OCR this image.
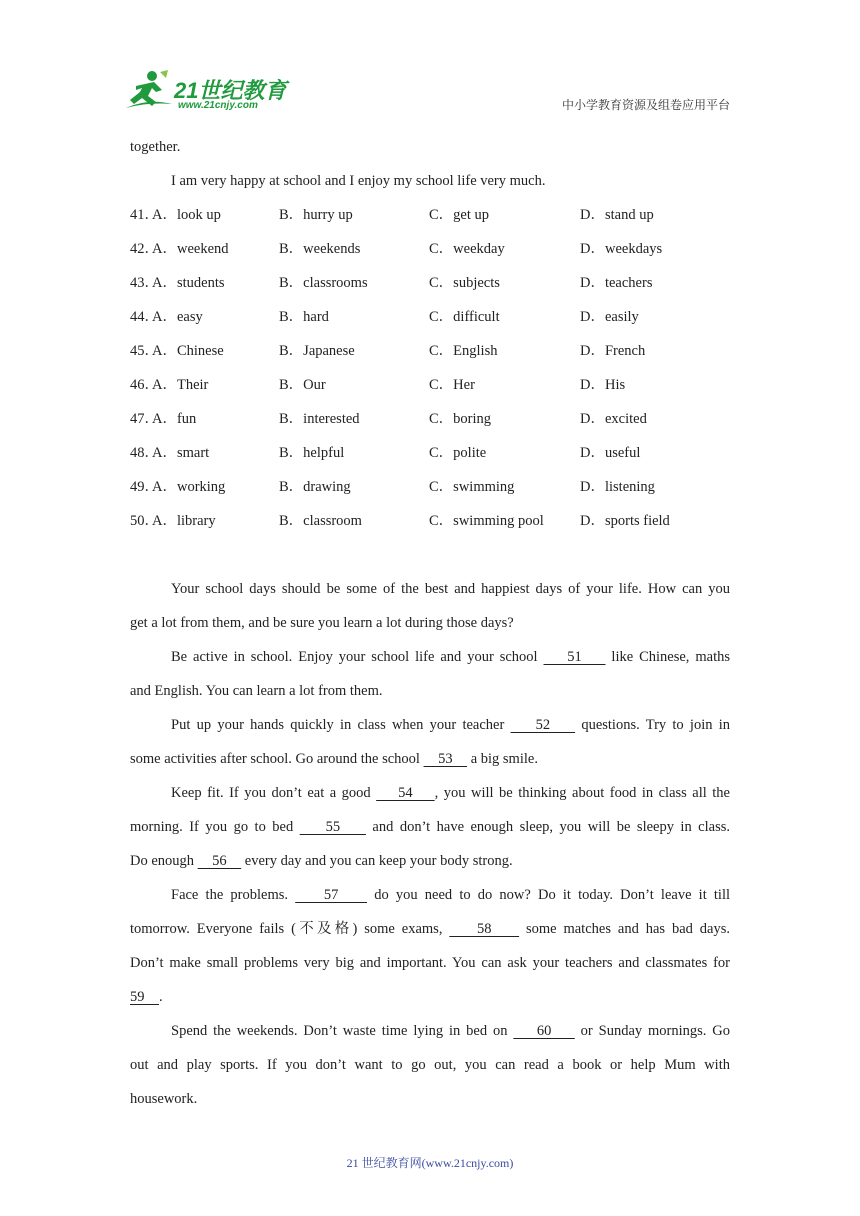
21世纪教育
www.21cnjy.com	中小学教育资源及组卷应用平台
together.
I am very happy at school and I enjoy my school life very much.
41．
A．look up	B．hurry up	C．get up	D．stand up
42．
A．weekend	B．weekends	C．weekday	D．weekdays
43．
A．students	B．classrooms	C．subjects	D．teachers
44．
A．easy	B．hard	C．difficult	D．easily
45．
A．Chinese	B．Japanese	C．English	D．French
46．
A．Their	B．Our	C．Her	D．His
47．
A．fun	B．interested	C．boring	D．excited
48．
A．smart	B．helpful	C．polite	D．useful
49．
A．working	B．drawing	C．swimming	D．listening
50．
A．library	B．classroom	C．swimming pool D．sports field
Your school days should be some of the best and happiest days of your life. How can you
get a lot from them, and be sure you learn a lot during those days?
Be active in school. Enjoy your school life and your school     51     like Chinese, maths
and English. You can learn a lot from them.
Put up your hands quickly in class when your teacher     52     questions. Try to join in
some activities after school. Go around the school     53     a big smile.
Keep fit. If you don’t eat a good     54    , you will be thinking about food in class all the
morning. If you go to bed     55     and don’t have enough sleep, you will be sleepy in class.
Do enough     56     every day and you can keep your body strong.
Face the problems.     57     do you need to do now? Do it today. Don’t leave it till
tomorrow. Everyone fails (不及格) some exams,     58     some matches and has bad days.
Don’t make small problems very big and important. You can ask your teachers and classmates for
59    .
Spend the weekends. Don’t waste time lying in bed on     60     or Sunday mornings. Go
out and play sports. If you don’t want to go out, you can read a book or help Mum with
housework.
21 世纪教育网(www.21cnjy.com)
